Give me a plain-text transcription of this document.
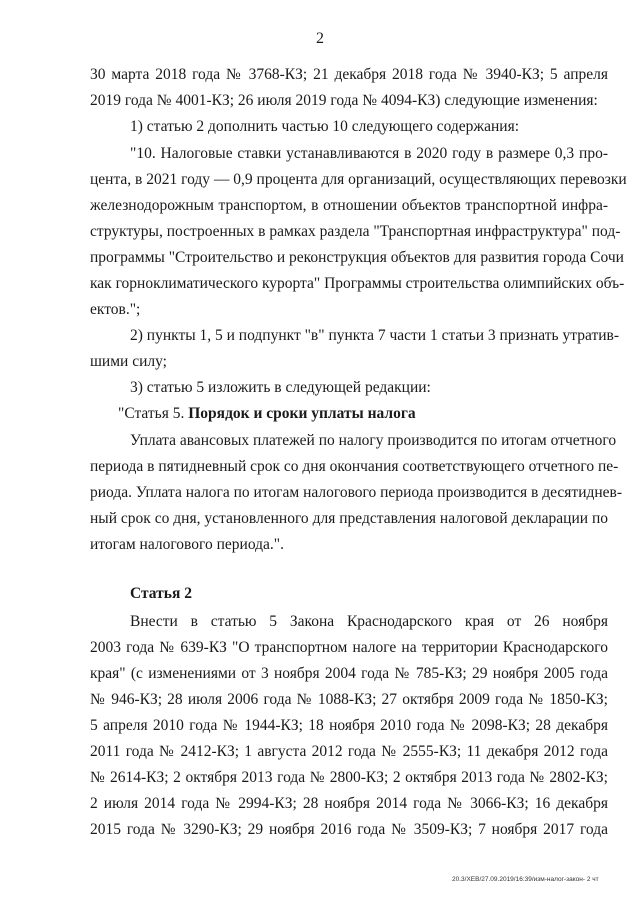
2
30 марта 2018 года № 3768-КЗ; 21 декабря 2018 года № 3940-КЗ; 5 апреля
2019 года № 4001-КЗ; 26 июля 2019 года № 4094-КЗ) следующие изменения:
1) статью 2 дополнить частью 10 следующего содержания:
"10. Налоговые ставки устанавливаются в 2020 году в размере 0,3 про-
цента, в 2021 году — 0,9 процента для организаций, осуществляющих перевозки
железнодорожным транспортом, в отношении объектов транспортной инфра-
структуры, построенных в рамках раздела "Транспортная инфраструктура" под-
программы "Строительство и реконструкция объектов для развития города Сочи
как горноклиматического курорта" Программы строительства олимпийских объ-
ектов.";
2) пункты 1, 5 и подпункт "в" пункта 7 части 1 статьи 3 признать утратив-
шими силу;
3) статью 5 изложить в следующей редакции:
"Статья 5. Порядок и сроки уплаты налога
Уплата авансовых платежей по налогу производится по итогам отчетного
периода в пятидневный срок со дня окончания соответствующего отчетного пе-
риода. Уплата налога по итогам налогового периода производится в десятиднев-
ный срок со дня, установленного для представления налоговой декларации по
итогам налогового периода.".
Статья 2
Внести в статью 5 Закона Краснодарского края от 26 ноября
2003 года № 639-КЗ "О транспортном налоге на территории Краснодарского
края" (с изменениями от 3 ноября 2004 года № 785-КЗ; 29 ноября 2005 года
№ 946-КЗ; 28 июля 2006 года № 1088-КЗ; 27 октября 2009 года № 1850-КЗ;
5 апреля 2010 года № 1944-КЗ; 18 ноября 2010 года № 2098-КЗ; 28 декабря
2011 года № 2412-КЗ; 1 августа 2012 года № 2555-КЗ; 11 декабря 2012 года
№ 2614-КЗ; 2 октября 2013 года № 2800-КЗ; 2 октября 2013 года № 2802-КЗ;
2 июля 2014 года № 2994-КЗ; 28 ноября 2014 года № 3066-КЗ; 16 декабря
2015 года № 3290-КЗ; 29 ноября 2016 года № 3509-КЗ; 7 ноября 2017 года
20.3/ХЕВ/27.09.2019/16:39/изм-налог-закон- 2 чт
